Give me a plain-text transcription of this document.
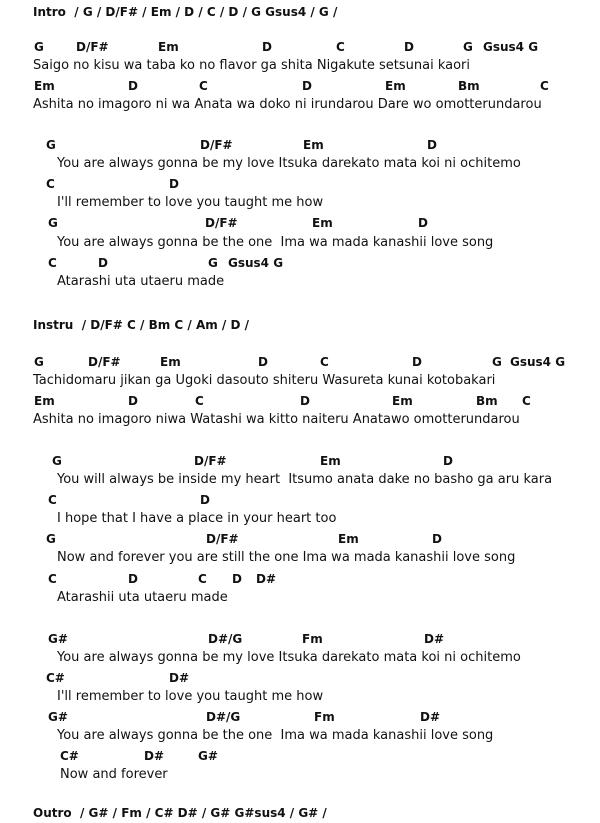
Intro  / G / D/F# / Em / D / C / D / G Gsus4 / G /

G

	D/F#

	Em

	D

	C

	D

	G

Gsus4 G

Saigo no kisu wa taba ko no flavor ga shita Nigakute setsunai kaori

Em

	D

	C

	D

	Em

	Bm

	C

Ashita no imagoro ni wa Anata wa doko ni irundarou Dare wo omotterundarou

G

	D/F#

	Em

	D

You are always gonna be my love Itsuka darekato mata koi ni ochitemo

C

	D

I'll remember to love you taught me how

G

	D/F#

	Em

	D

You are always gonna be the one  Ima wa mada kanashii love song

C

	D

	G

Gsus4 G

Atarashi uta utaeru made
Instru  / D/F# C / Bm C / Am / D /

G

	D/F#

	Em

	D

	C

	D

	G

Gsus4 G

Tachidomaru jikan ga Ugoki dasouto shiteru Wasureta kunai kotobakari

Em

	D

	C

	D

	Em

	Bm

C

Ashita no imagoro niwa Watashi wa kitto naiteru Anatawo omotterundarou

G

	D/F#

	Em

	D

You will always be inside my heart  Itsumo anata dake no basho ga aru kara

C

	D

I hope that I have a place in your heart too

G

	D/F#

	Em

	D

Now and forever you are still the one Ima wa mada kanashii love song

C

	D

	C

D

D#

Atarashii uta utaeru made

G#

	D#/G

	Fm

	D#

You are always gonna be my love Itsuka darekato mata koi ni ochitemo

C#

	D#

I'll remember to love you taught me how

G#

	D#/G

	Fm

	D#

You are always gonna be the one  Ima wa mada kanashii love song

C#

	D#

	G#

Now and forever
Outro  / G# / Fm / C# D# / G# G#sus4 / G# /
